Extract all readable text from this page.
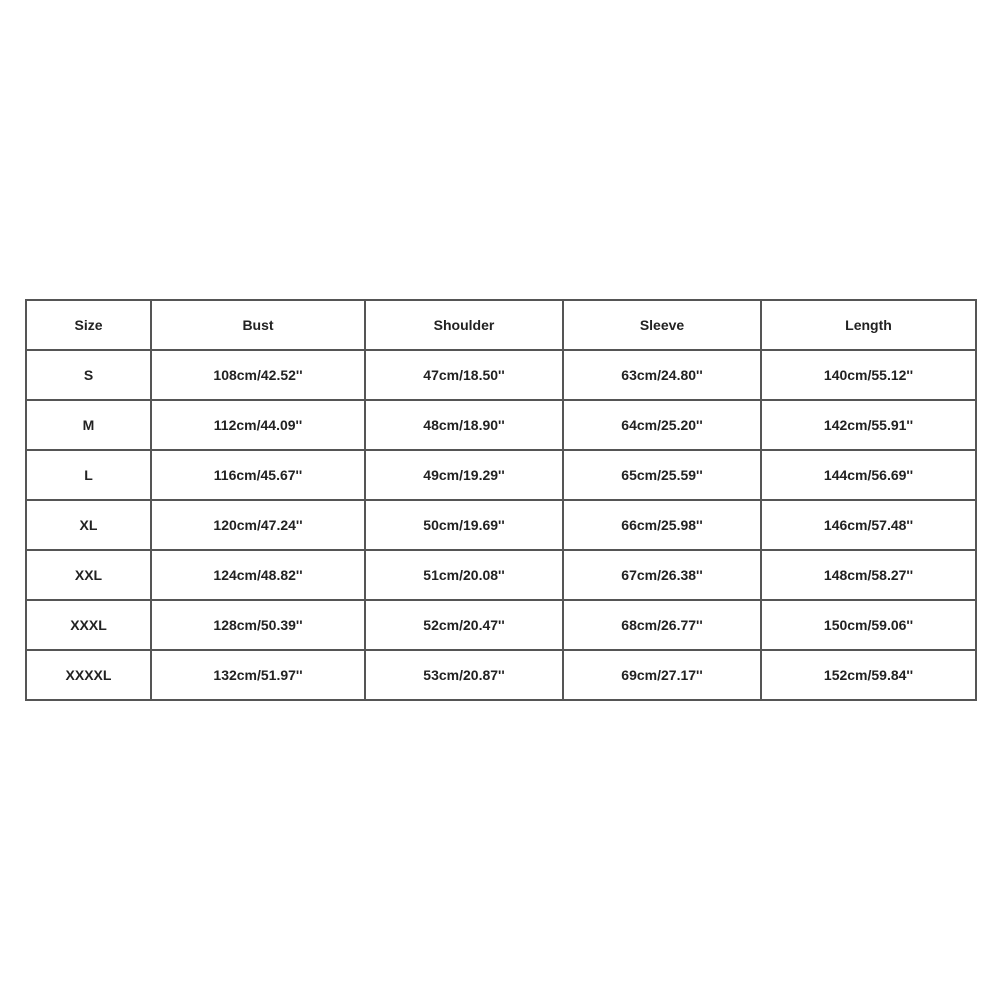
Size	Bust	Shoulder	Sleeve	Length
S	108cm/42.52''	47cm/18.50''	63cm/24.80''	140cm/55.12''
M	112cm/44.09''	48cm/18.90''	64cm/25.20''	142cm/55.91''
L	116cm/45.67''	49cm/19.29''	65cm/25.59''	144cm/56.69''
XL	120cm/47.24''	50cm/19.69''	66cm/25.98''	146cm/57.48''
XXL	124cm/48.82''	51cm/20.08''	67cm/26.38''	148cm/58.27''
XXXL	128cm/50.39''	52cm/20.47''	68cm/26.77''	150cm/59.06''
XXXXL	132cm/51.97''	53cm/20.87''	69cm/27.17''	152cm/59.84''
